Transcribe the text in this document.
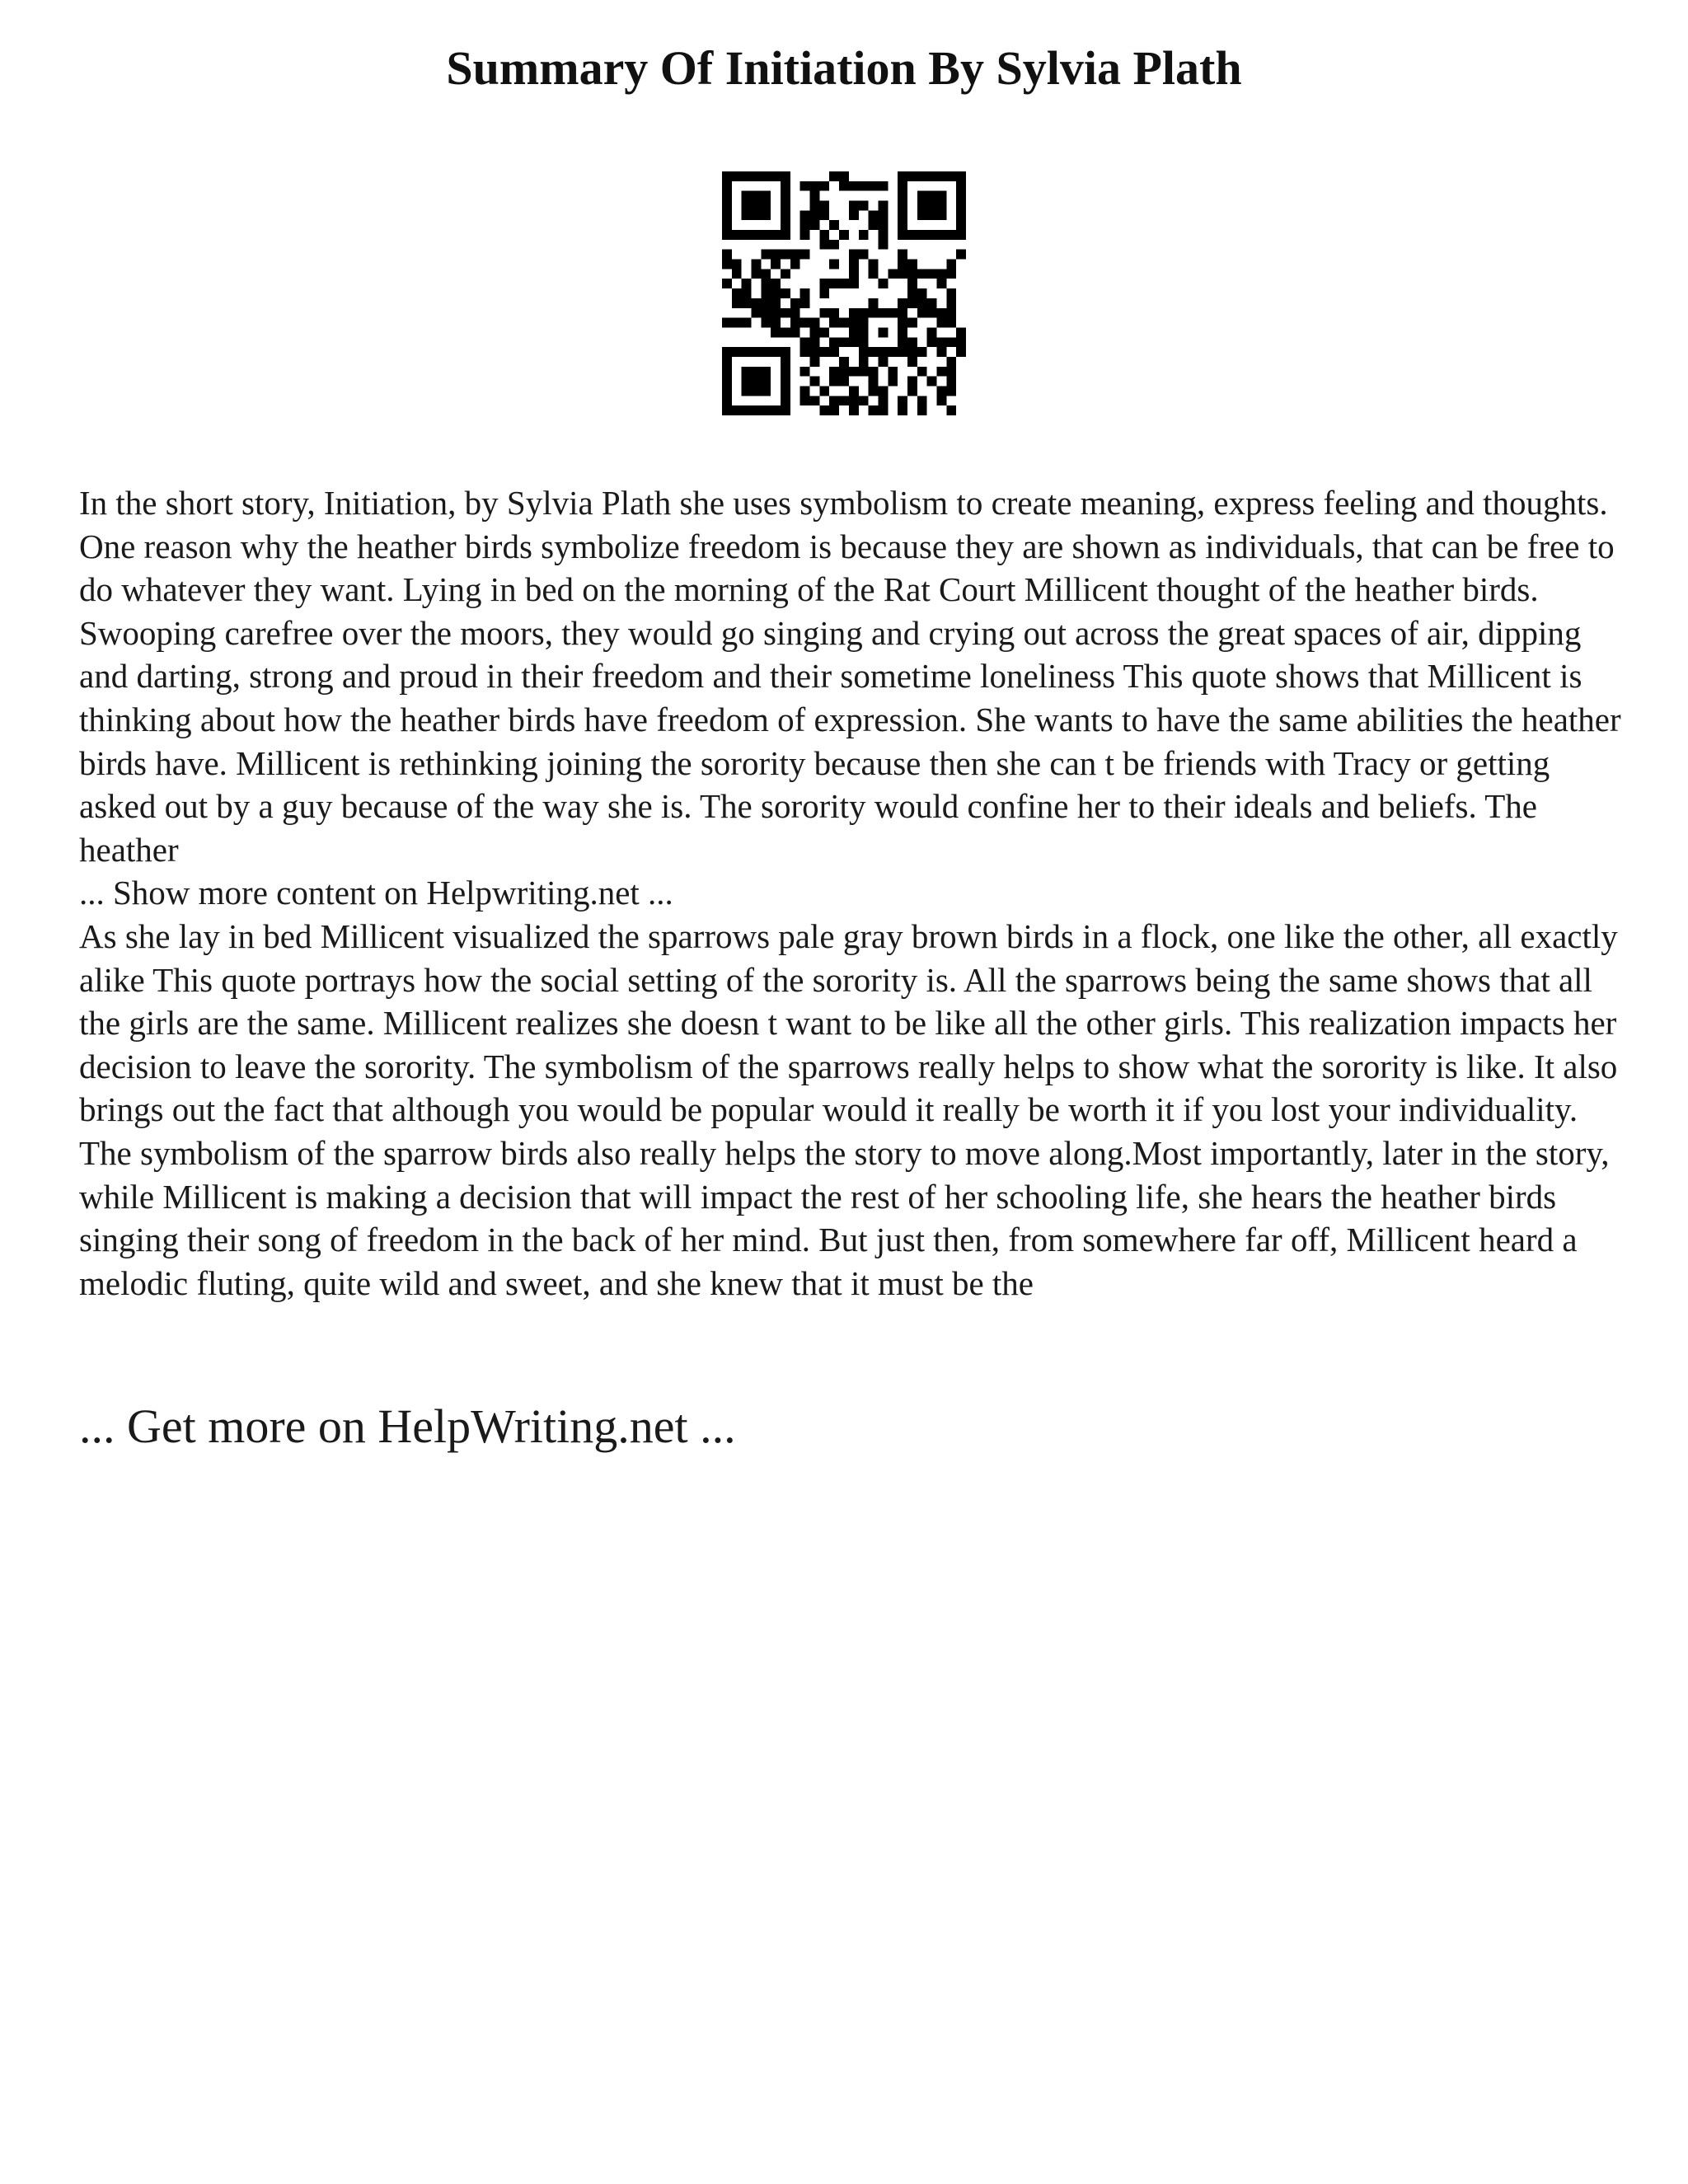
Summary Of Initiation By Sylvia Plath

In the short story, Initiation, by Sylvia Plath she uses symbolism to create meaning, express feeling and thoughts. One reason why the heather birds symbolize freedom is because they are shown as individuals, that can be free to do whatever they want. Lying in bed on the morning of the Rat Court Millicent thought of the heather birds. Swooping carefree over the moors, they would go singing and crying out across the great spaces of air, dipping and darting, strong and proud in their freedom and their sometime loneliness This quote shows that Millicent is thinking about how the heather birds have freedom of expression. She wants to have the same abilities the heather birds have. Millicent is rethinking joining the sorority because then she can t be friends with Tracy or getting asked out by a guy because of the way she is. The sorority would confine her to their ideals and beliefs. The heather

... Show more content on Helpwriting.net ...

As she lay in bed Millicent visualized the sparrows pale gray brown birds in a flock, one like the other, all exactly alike This quote portrays how the social setting of the sorority is. All the sparrows being the same shows that all the girls are the same. Millicent realizes she doesn t want to be like all the other girls. This realization impacts her decision to leave the sorority. The symbolism of the sparrows really helps to show what the sorority is like. It also brings out the fact that although you would be popular would it really be worth it if you lost your individuality. The symbolism of the sparrow birds also really helps the story to move along.Most importantly, later in the story, while Millicent is making a decision that will impact the rest of her schooling life, she hears the heather birds singing their song of freedom in the back of her mind. But just then, from somewhere far off, Millicent heard a melodic fluting, quite wild and sweet, and she knew that it must be the

... Get more on HelpWriting.net ...
